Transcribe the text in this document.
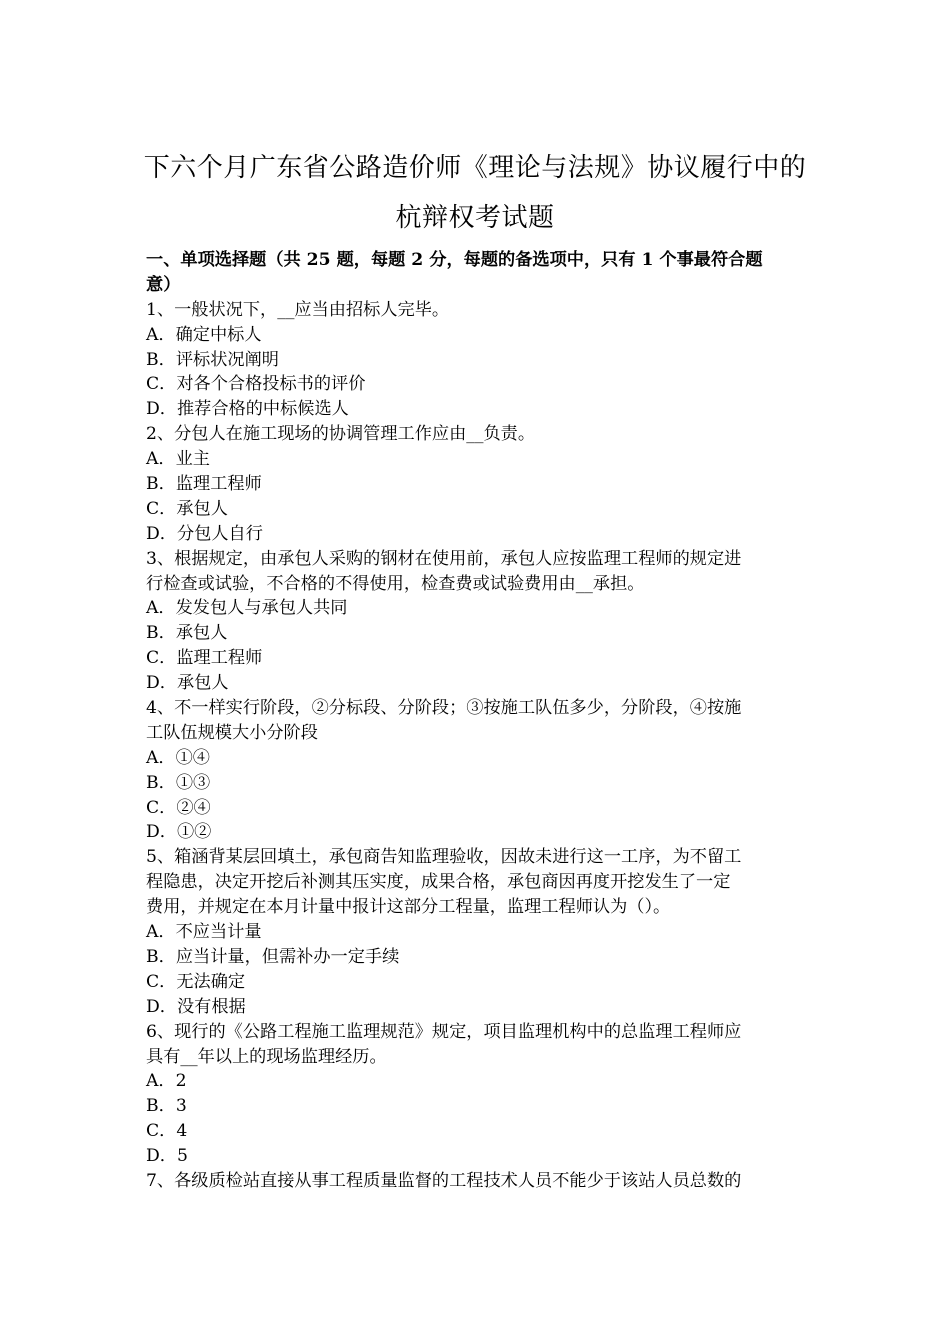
下六个月广东省公路造价师《理论与法规》协议履行中的
杭辩权考试题
一、单项选择题（共 25 题，每题 2 分，每题的备选项中，只有 1 个事最符合题
意）
1、一般状况下，__应当由招标人完毕。
A．确定中标人
B．评标状况阐明
C．对各个合格投标书的评价
D．推荐合格的中标候选人
2、分包人在施工现场的协调管理工作应由__负责。
A．业主
B．监理工程师
C．承包人
D．分包人自行
3、根据规定，由承包人采购的钢材在使用前，承包人应按监理工程师的规定进
行检查或试验，不合格的不得使用，检查费或试验费用由__承担。
A．发发包人与承包人共同
B．承包人
C．监理工程师
D．承包人
4、不一样实行阶段，②分标段、分阶段；③按施工队伍多少，分阶段，④按施
工队伍规模大小分阶段
A．①④
B．①③
C．②④
D．①②
5、箱涵背某层回填土，承包商告知监理验收，因故未进行这一工序，为不留工
程隐患，决定开挖后补测其压实度，成果合格，承包商因再度开挖发生了一定
费用，并规定在本月计量中报计这部分工程量，监理工程师认为（）。
A．不应当计量
B．应当计量，但需补办一定手续
C．无法确定
D．没有根据
6、现行的《公路工程施工监理规范》规定，项目监理机构中的总监理工程师应
具有__年以上的现场监理经历。
A．2
B．3
C．4
D．5
7、各级质检站直接从事工程质量监督的工程技术人员不能少于该站人员总数的
